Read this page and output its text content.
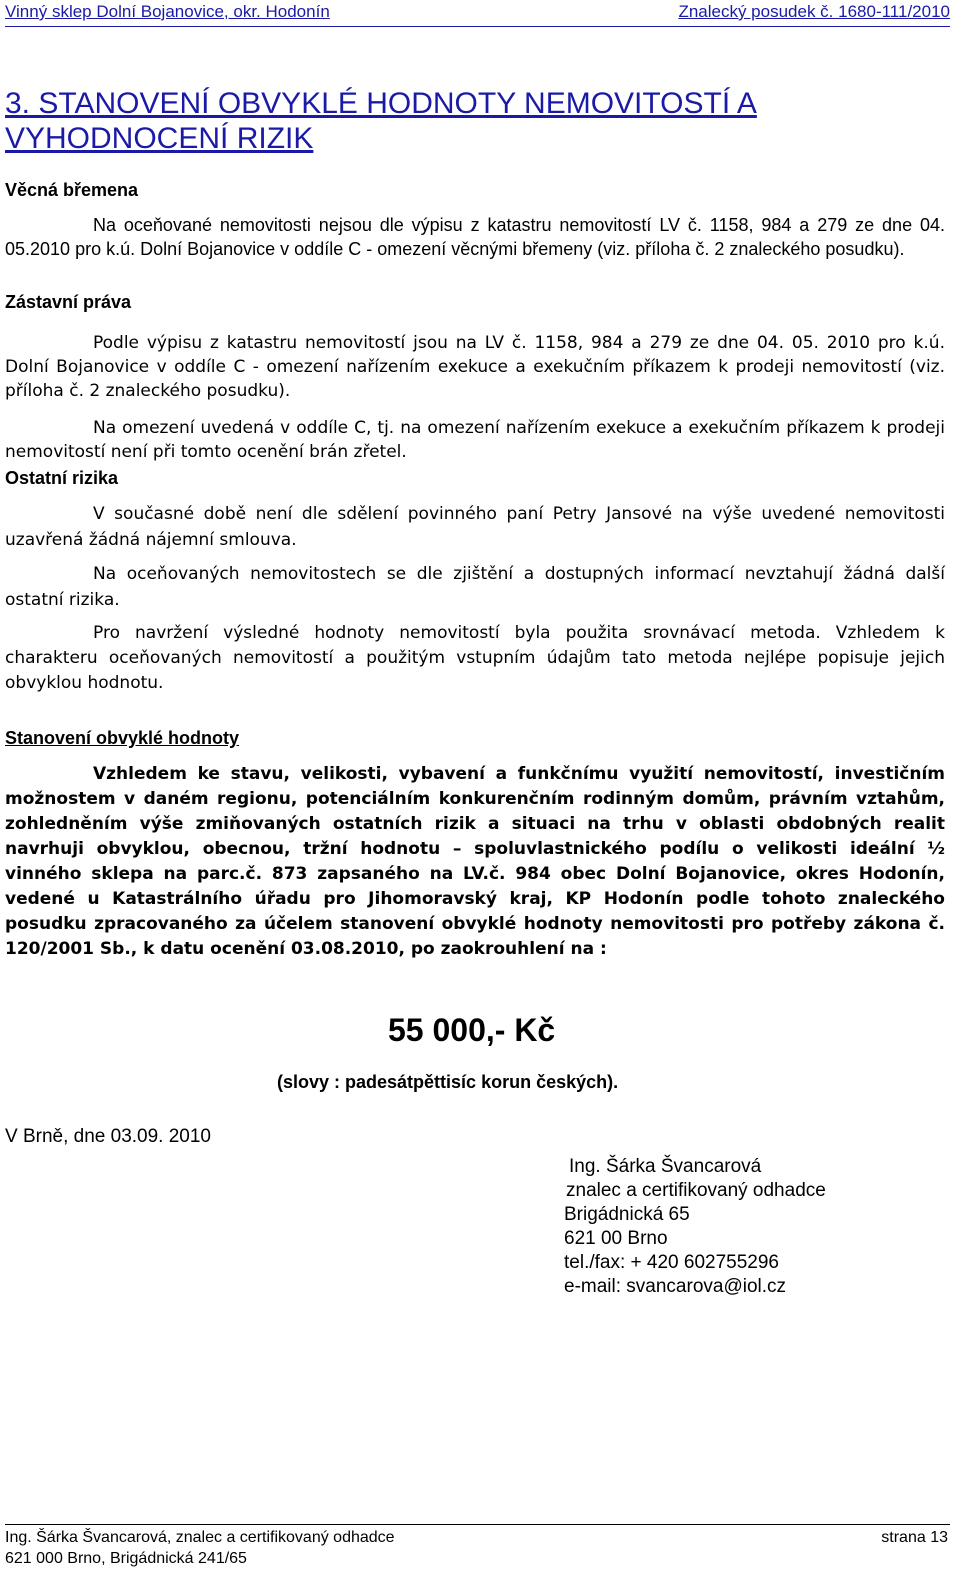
Vinný sklep Dolní Bojanovice, okr. Hodonín	Znalecký posudek č. 1680-111/2010
3. STANOVENÍ OBVYKLÉ HODNOTY NEMOVITOSTÍ A VYHODNOCENÍ RIZIK
Věcná břemena
Na oceňované nemovitosti nejsou dle výpisu z katastru nemovitostí LV č. 1158, 984 a 279 ze dne 04. 05.2010 pro k.ú. Dolní Bojanovice v oddíle C - omezení věcnými břemeny (viz. příloha č. 2 znaleckého posudku).
Zástavní práva
Podle výpisu z katastru nemovitostí jsou na LV č. 1158, 984 a 279 ze dne 04. 05. 2010 pro k.ú. Dolní Bojanovice v oddíle C - omezení nařízením exekuce a exekučním příkazem k prodeji nemovitostí (viz. příloha č. 2 znaleckého posudku).
Na omezení uvedená v oddíle C, tj. na omezení nařízením exekuce a exekučním příkazem k prodeji nemovitostí není při tomto ocenění brán zřetel.
Ostatní rizika
V současné době není dle sdělení povinného paní Petry Jansové na výše uvedené nemovitosti uzavřená žádná nájemní smlouva.
Na oceňovaných nemovitostech se dle zjištění a dostupných informací nevztahují žádná další ostatní rizika.
Pro navržení výsledné hodnoty nemovitostí byla použita srovnávací metoda. Vzhledem k charakteru oceňovaných nemovitostí a použitým vstupním údajům tato metoda nejlépe popisuje jejich obvyklou hodnotu.
Stanovení obvyklé hodnoty
Vzhledem ke stavu, velikosti, vybavení a funkčnímu využití nemovitostí, investičním možnostem v daném regionu, potenciálním konkurenčním rodinným domům, právním vztahům, zohledněním výše zmiňovaných ostatních rizik a situaci na trhu v oblasti obdobných realit navrhuji obvyklou, obecnou, tržní hodnotu – spoluvlastnického podílu o velikosti ideální ½ vinného sklepa na parc.č. 873 zapsaného na LV.č. 984 obec Dolní Bojanovice, okres Hodonín, vedené u Katastrálního úřadu pro Jihomoravský kraj, KP Hodonín podle tohoto znaleckého posudku zpracovaného za účelem stanovení obvyklé hodnoty nemovitosti pro potřeby zákona č. 120/2001 Sb., k datu ocenění 03.08.2010, po zaokrouhlení na :
55 000,- Kč
(slovy : padesátpěttisíc korun českých).
V Brně, dne 03.09. 2010
Ing. Šárka Švancarová
znalec a certifikovaný odhadce
Brigádnická 65
621 00 Brno
tel./fax: + 420 602755296
e-mail: svancarova@iol.cz
Ing. Šárka Švancarová, znalec a certifikovaný odhadce	strana 13
621 000 Brno, Brigádnická 241/65
